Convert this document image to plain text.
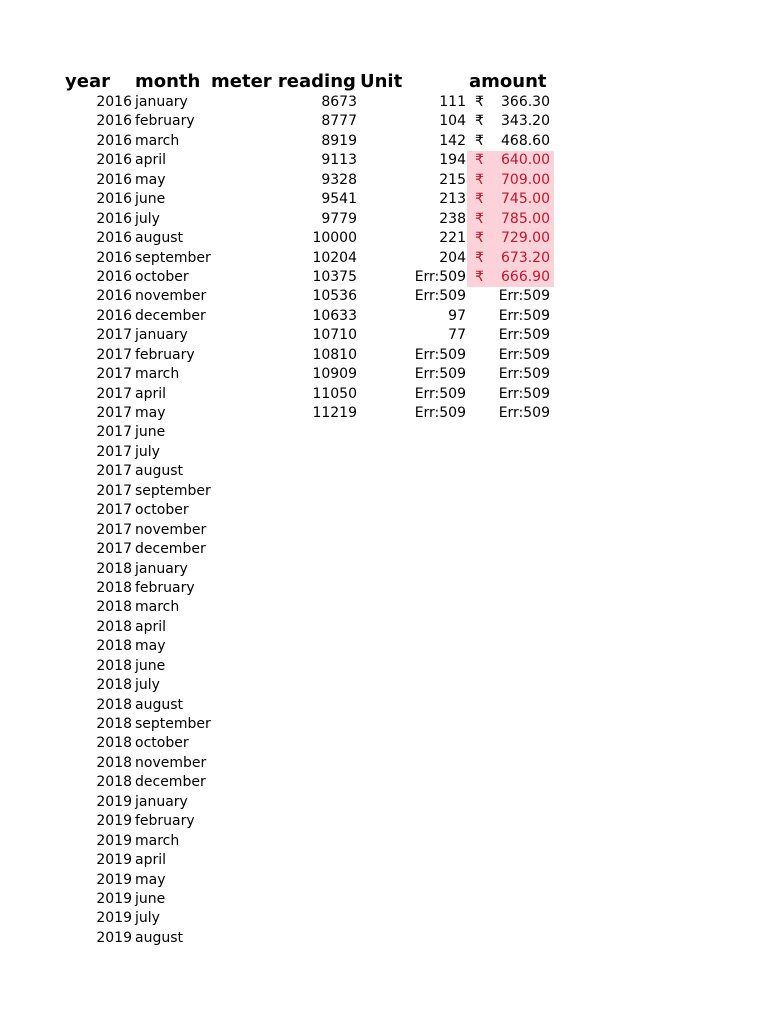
year month meter reading Unit	amount
2016 january	8673	111 ₹ 366.30
2016 february	8777	104 ₹ 343.20
2016 march	8919	142 ₹ 468.60
2016 april	9113	194 ₹ 640.00
2016 may	9328	215 ₹ 709.00
2016 june	9541	213 ₹ 745.00
2016 july	9779	238 ₹ 785.00
2016 august	10000	221 ₹ 729.00
2016 september	10204	204 ₹ 673.20
2016 october	10375	Err:509 ₹ 666.90
2016 november	10536	Err:509 Err:509
2016 december	10633	97 Err:509
2017 january	10710	77 Err:509
2017 february	10810	Err:509 Err:509
2017 march	10909	Err:509 Err:509
2017 april	11050	Err:509 Err:509
2017 may	11219	Err:509 Err:509
2017 june
2017 july
2017 august
2017 september
2017 october
2017 november
2017 december
2018 january
2018 february
2018 march
2018 april
2018 may
2018 june
2018 july
2018 august
2018 september
2018 october
2018 november
2018 december
2019 january
2019 february
2019 march
2019 april
2019 may
2019 june
2019 july
2019 august
